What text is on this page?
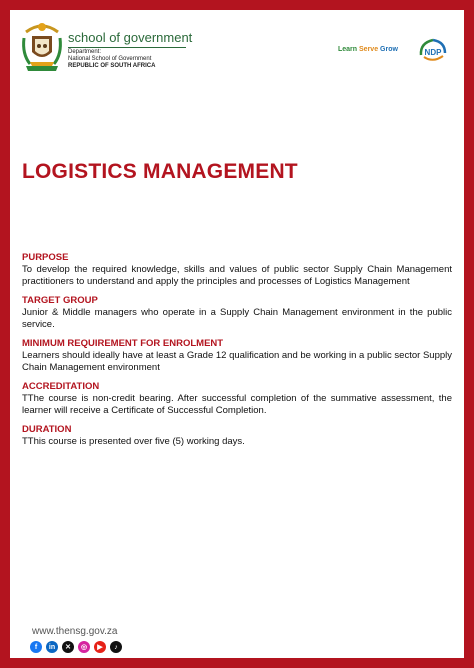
school of government
Department:
National School of Government
REPUBLIC OF SOUTH AFRICA
Learn Serve Grow	NDP
LOGISTICS MANAGEMENT
PURPOSE
To develop the required knowledge, skills and values of public sector Supply Chain Management practitioners to understand and apply the principles and processes of Logistics Management
TARGET GROUP
Junior & Middle managers who operate in a Supply Chain Management environment in the public service.
MINIMUM REQUIREMENT FOR ENROLMENT
Learners should ideally have at least a Grade 12 qualification and be working in a public sector Supply Chain Management environment
ACCREDITATION
TThe course is non-credit bearing. After successful completion of the summative assessment, the learner will receive a Certificate of Successful Completion.
DURATION
TThis course is presented over five (5) working days.
www.thensg.gov.za
f	in	✕	◎	▶	♪
